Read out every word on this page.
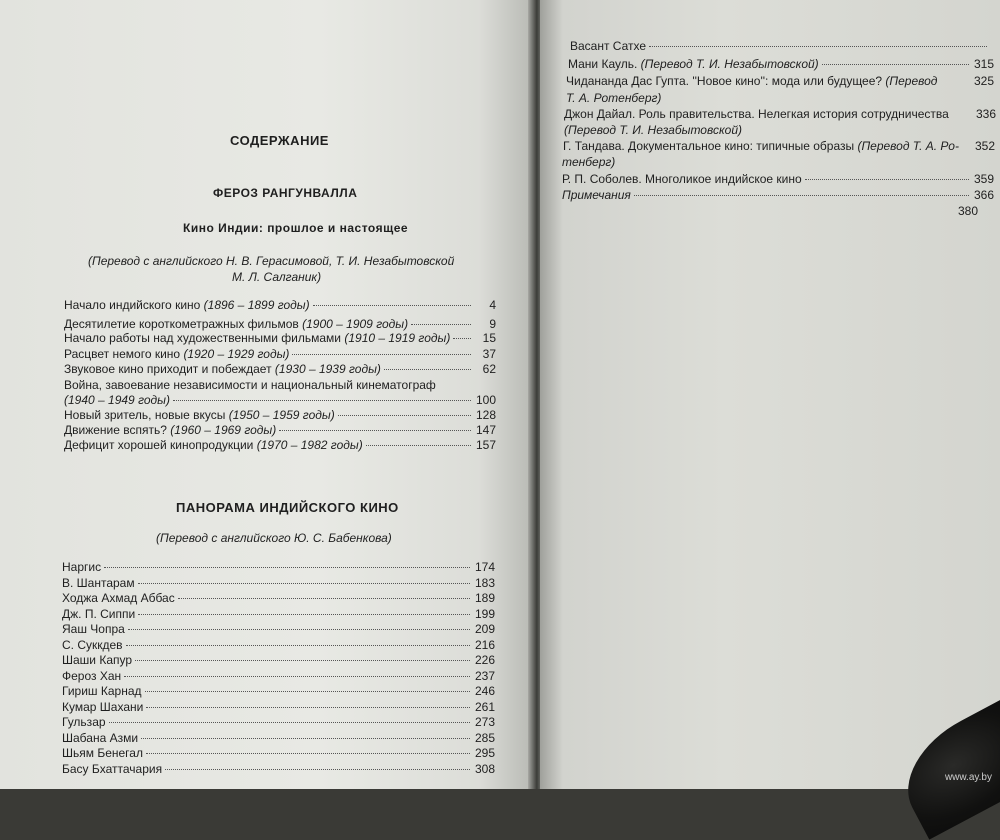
СОДЕРЖАНИЕ
ФЕРОЗ РАНГУНВАЛЛА
Кино Индии: прошлое и настоящее
(Перевод с английского Н. В. Герасимовой, Т. И. Незабытовской
М. Л. Салганик)
Начало индийского кино (1896 – 1899 годы)	4
Десятилетие короткометражных фильмов (1900 – 1909 годы)	9
Начало работы над художественными фильмами (1910 – 1919 годы)	15
Расцвет немого кино (1920 – 1929 годы)	37
Звуковое кино приходит и побеждает (1930 – 1939 годы)	62
Война, завоевание независимости и национальный кинематограф
(1940 – 1949 годы)	100
Новый зритель, новые вкусы (1950 – 1959 годы)	128
Движение вспять? (1960 – 1969 годы)	147
Дефицит хорошей кинопродукции (1970 – 1982 годы)	157
ПАНОРАМА ИНДИЙСКОГО КИНО
(Перевод с английского Ю. С. Бабенкова)
Наргис	174
В. Шантарам	183
Ходжа Ахмад Аббас	189
Дж. П. Сиппи	199
Яаш Чопра	209
С. Суккдев	216
Шаши Капур	226
Фероз Хан	237
Гириш Карнад	246
Кумар Шахани	261
Гульзар	273
Шабана Азми	285
Шьям Бенегал	295
Басу Бхаттачария	308
Васант Сатхе
Мани Кауль. (Перевод Т. И. Незабытовской)	315
Чидананда Дас Гупта. ''Новое кино'': мода или будущее? (Перевод	325
Т. А. Ротенберг)
Джон Дайал. Роль правительства. Нелегкая история сотрудничества 336
(Перевод Т. И. Незабытовской)
Г. Тандава. Документальное кино: типичные образы (Перевод Т. А. Ро- 352
тенберг)
Р. П. Соболев. Многоликое индийское кино	359
Примечания	366
380
www.ay.by
